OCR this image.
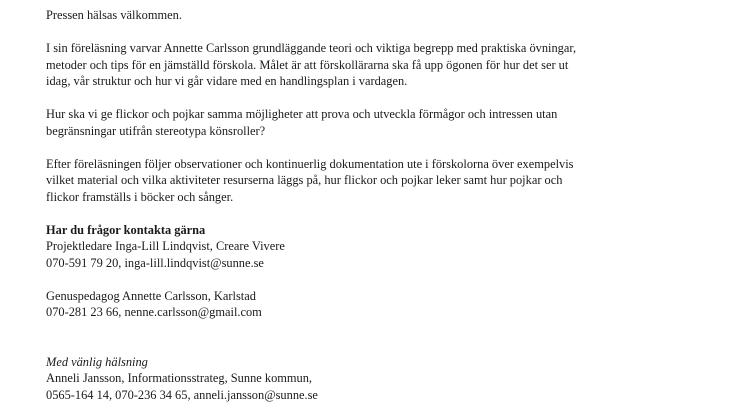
Pressen hälsas välkommen.

I sin föreläsning varvar Annette Carlsson grundläggande teori och viktiga begrepp med praktiska övningar,

metoder och tips för en jämställd förskola. Målet är att förskollärarna ska få upp ögonen för hur det ser ut

idag, vår struktur och hur vi går vidare med en handlingsplan i vardagen.

Hur ska vi ge flickor och pojkar samma möjligheter att prova och utveckla förmågor och intressen utan

begränsningar utifrån stereotypa könsroller?

Efter föreläsningen följer observationer och kontinuerlig dokumentation ute i förskolorna över exempelvis

vilket material och vilka aktiviteter resurserna läggs på, hur flickor och pojkar leker samt hur pojkar och

flickor framställs i böcker och sånger.

Har du frågor kontakta gärna

Projektledare Inga-Lill Lindqvist, Creare Vivere

070-591 79 20, inga-lill.lindqvist@sunne.se

Genuspedagog Annette Carlsson, Karlstad

070-281 23 66, nenne.carlsson@gmail.com

Med vänlig hälsning

Anneli Jansson, Informationsstrateg, Sunne kommun,

0565-164 14, 070-236 34 65, anneli.jansson@sunne.se
